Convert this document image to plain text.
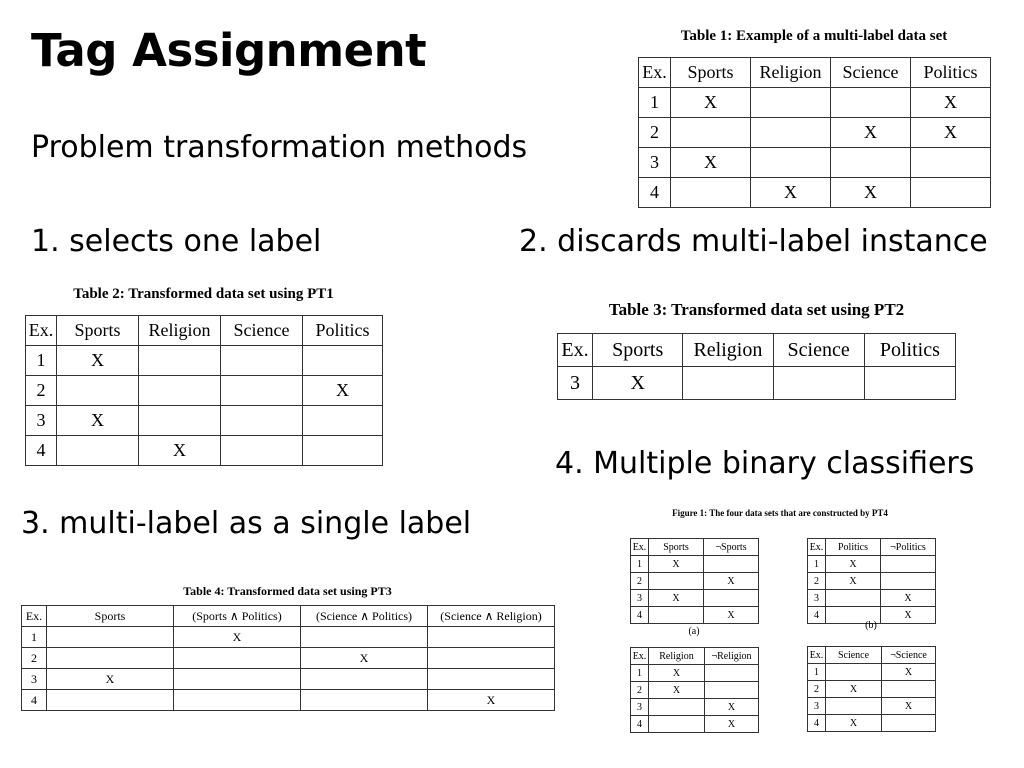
Tag Assignment
Problem transformation methods
1. selects one label	2. discards multi-label instance
4. Multiple binary classifiers
3. multi-label as a single label
Table 1: Example of a multi-label data set
Ex.	Sports	Religion	Science	Politics
1	X			X
2			X	X
3	X			
4		X	X	
Table 2: Transformed data set using PT1
Ex.	Sports	Religion	Science	Politics
1	X			
2				X
3	X			
4		X		
Table 3: Transformed data set using PT2
Ex.	Sports	Religion	Science	Politics
3	X			
Table 4: Transformed data set using PT3
Ex.	Sports	(Sports ∧ Politics)	(Science ∧ Politics)	(Science ∧ Religion)
1		X		
2			X	
3	X			
4				X
Figure 1: The four data sets that are constructed by PT4
Ex.	Sports	¬Sports
1	X	
2		X
3	X	
4		X
(a)
Ex.	Politics	¬Politics
1	X	
2	X	
3		X
4		X
(b)
Ex.	Religion	¬Religion
1	X	
2	X	
3		X
4		X
Ex.	Science	¬Science
1		X
2	X	
3		X
4	X	
